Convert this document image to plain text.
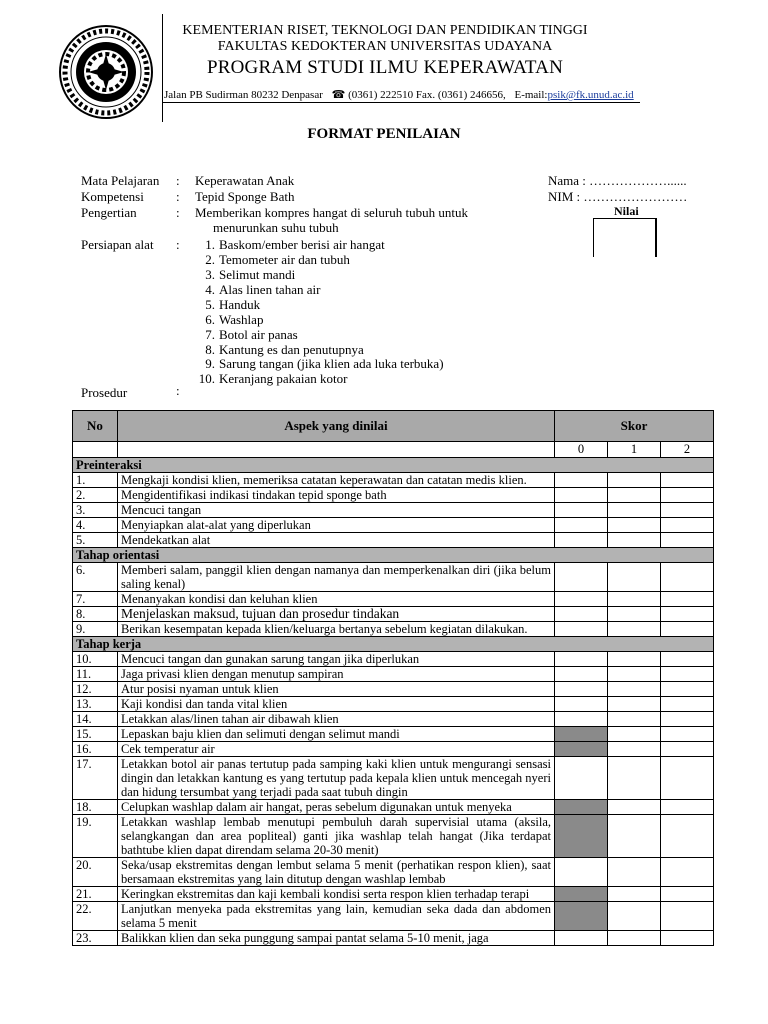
KEMENTERIAN RISET, TEKNOLOGI DAN PENDIDIKAN TINGGI
FAKULTAS KEDOKTERAN UNIVERSITAS UDAYANA
PROGRAM STUDI ILMU KEPERAWATAN
Jalan PB Sudirman 80232 Denpasar ☎ (0361) 222510 Fax. (0361) 246656, E-mail:psik@fk.unud.ac.id
FORMAT PENILAIAN
Mata Pelajaran : Keperawatan Anak
Kompetensi : Tepid Sponge Bath
Pengertian	: Memberikan kompres hangat di seluruh tubuh untuk
menurunkan suhu tubuh
Persiapan alat :
Prosedur	:
Nama : ………………......
NIM : ……………………
Nilai
1. Baskom/ember berisi air hangat
2. Temometer air dan tubuh
3. Selimut mandi
4. Alas linen tahan air
5. Handuk
6. Washlap
7. Botol air panas
8. Kantung es dan penutupnya
9. Sarung tangan (jika klien ada luka terbuka)
10. Keranjang pakaian kotor
No	Aspek yang dinilai	Skor		
		0	1	2
Preinteraksi				
1.	Mengkaji kondisi klien, memeriksa catatan keperawatan dan catatan medis klien.			
2.	Mengidentifikasi indikasi tindakan tepid sponge bath			
3.	Mencuci tangan			
4.	Menyiapkan alat-alat yang diperlukan			
5.	Mendekatkan alat			
Tahap orientasi				
6.	Memberi salam, panggil klien dengan namanya dan memperkenalkan diri (jika belum saling kenal)			
7.	Menanyakan kondisi dan keluhan klien			
8.	Menjelaskan maksud, tujuan dan prosedur tindakan			
9.	Berikan kesempatan kepada klien/keluarga bertanya sebelum kegiatan dilakukan.			
Tahap kerja				
10.	Mencuci tangan dan gunakan sarung tangan jika diperlukan			
11.	Jaga privasi klien dengan menutup sampiran			
12.	Atur posisi nyaman untuk klien			
13.	Kaji kondisi dan tanda vital klien			
14.	Letakkan alas/linen tahan air dibawah klien			
15.	Lepaskan baju klien dan selimuti dengan selimut mandi			
16.	Cek temperatur air			
17.	Letakkan botol air panas tertutup pada samping kaki klien untuk mengurangi sensasi dingin dan letakkan kantung es yang tertutup pada kepala klien untuk mencegah nyeri dan hidung tersumbat yang terjadi pada saat tubuh dingin			
18.	Celupkan washlap dalam air hangat, peras sebelum digunakan untuk menyeka			
19.	Letakkan washlap lembab menutupi pembuluh darah supervisial utama (aksila, selangkangan dan area popliteal) ganti jika washlap telah hangat (Jika terdapat bathtube klien dapat direndam selama 20-30 menit)			
20.	Seka/usap ekstremitas dengan lembut selama 5 menit (perhatikan respon klien), saat bersamaan ekstremitas yang lain ditutup dengan washlap lembab			
21.	Keringkan ekstremitas dan kaji kembali kondisi serta respon klien terhadap terapi			
22.	Lanjutkan menyeka pada ekstremitas yang lain, kemudian seka dada dan abdomen selama 5 menit			
23.	Balikkan klien dan seka punggung sampai pantat selama 5-10 menit, jaga			
